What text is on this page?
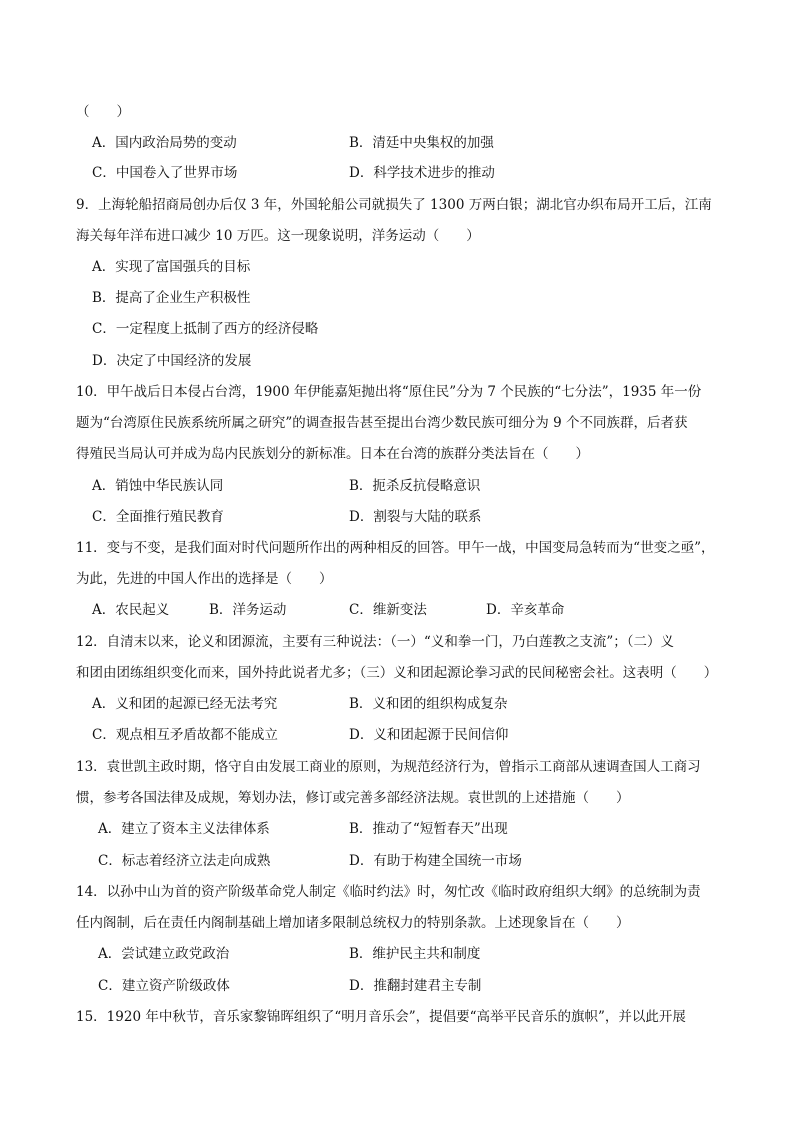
（　　）
A．国内政治局势的变动	B．清廷中央集权的加强
C．中国卷入了世界市场	D．科学技术进步的推动
9．上海轮船招商局创办后仅 3 年，外国轮船公司就损失了 1300 万两白银；湖北官办织布局开工后，江南
海关每年洋布进口减少 10 万匹。这一现象说明，洋务运动（　　）
A．实现了富国强兵的目标
B．提高了企业生产积极性
C．一定程度上抵制了西方的经济侵略
D．决定了中国经济的发展
10．甲午战后日本侵占台湾，1900 年伊能嘉矩抛出将“原住民”分为 7 个民族的“七分法”，1935 年一份
题为“台湾原住民族系统所属之研究”的调查报告甚至提出台湾少数民族可细分为 9 个不同族群，后者获
得殖民当局认可并成为岛内民族划分的新标准。日本在台湾的族群分类法旨在（　　）
A．销蚀中华民族认同	B．扼杀反抗侵略意识
C．全面推行殖民教育	D．割裂与大陆的联系
11．变与不变，是我们面对时代问题所作出的两种相反的回答。甲午一战，中国变局急转而为“世变之亟”，
为此，先进的中国人作出的选择是（　　）
A．农民起义	B．洋务运动	C．维新变法	D．辛亥革命
12．自清末以来，论义和团源流，主要有三种说法：（一）“义和拳一门，乃白莲教之支流”；（二）义
和团由团练组织变化而来，国外持此说者尤多；（三）义和团起源论拳习武的民间秘密会社。这表明（　　）
A．义和团的起源已经无法考究	B．义和团的组织构成复杂
C．观点相互矛盾故都不能成立	D．义和团起源于民间信仰
13．袁世凯主政时期，恪守自由发展工商业的原则，为规范经济行为，曾指示工商部从速调查国人工商习
惯，参考各国法律及成规，筹划办法，修订或完善多部经济法规。袁世凯的上述措施（　　）
A．建立了资本主义法律体系	B．推动了“短暂春天”出现
C．标志着经济立法走向成熟	D．有助于构建全国统一市场
14．以孙中山为首的资产阶级革命党人制定《临时约法》时，匆忙改《临时政府组织大纲》的总统制为责
任内阁制，后在责任内阁制基础上增加诸多限制总统权力的特别条款。上述现象旨在（　　）
A．尝试建立政党政治	B．维护民主共和制度
C．建立资产阶级政体	D．推翻封建君主专制
15．1920 年中秋节，音乐家黎锦晖组织了“明月音乐会”，提倡要“高举平民音乐的旗帜”，并以此开展
